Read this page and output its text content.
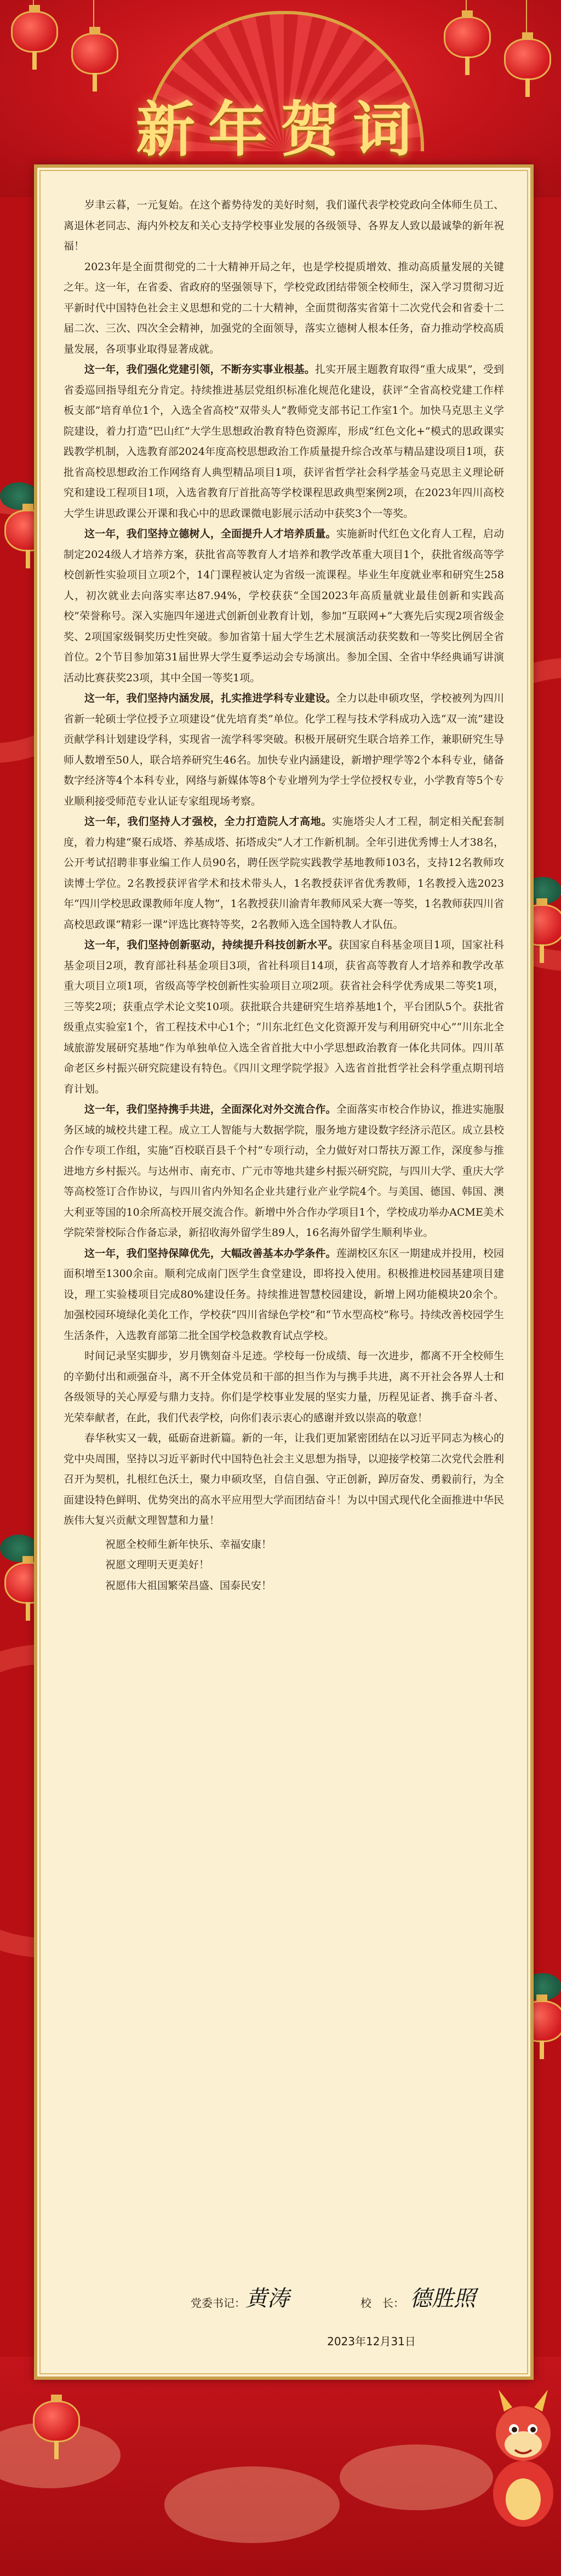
新年贺词

岁聿云暮，一元复始。在这个蓄势待发的美好时刻，我们谨代表学校党政向全体师生员工、离退休老同志、海内外校友和关心支持学校事业发展的各级领导、各界友人致以最诚挚的新年祝福！

2023年是全面贯彻党的二十大精神开局之年，也是学校提质增效、推动高质量发展的关键之年。这一年，在省委、省政府的坚强领导下，学校党政团结带领全校师生，深入学习贯彻习近平新时代中国特色社会主义思想和党的二十大精神，全面贯彻落实省第十二次党代会和省委十二届二次、三次、四次全会精神，加强党的全面领导，落实立德树人根本任务，奋力推动学校高质量发展，各项事业取得显著成就。

这一年，我们强化党建引领，不断夯实事业根基。扎实开展主题教育取得“重大成果”，受到省委巡回指导组充分肯定。持续推进基层党组织标准化规范化建设，获评“全省高校党建工作样板支部”培育单位1个，入选全省高校“双带头人”教师党支部书记工作室1个。加快马克思主义学院建设，着力打造“巴山红”大学生思想政治教育特色资源库，形成“红色文化+”模式的思政课实践教学机制，入选教育部2024年度高校思想政治工作质量提升综合改革与精品建设项目1项，获批省高校思想政治工作网络育人典型精品项目1项，获评省哲学社会科学基金马克思主义理论研究和建设工程项目1项，入选省教育厅首批高等学校课程思政典型案例2项，在2023年四川高校大学生讲思政课公开课和我心中的思政课微电影展示活动中获奖3个一等奖。

这一年，我们坚持立德树人，全面提升人才培养质量。实施新时代红色文化育人工程，启动制定2024级人才培养方案，获批省高等教育人才培养和教学改革重大项目1个，获批省级高等学校创新性实验项目立项2个，14门课程被认定为省级一流课程。毕业生年度就业率和研究生258人，初次就业去向落实率达87.94%，学校获获“全国2023年高质量就业最佳创新和实践高校”荣誉称号。深入实施四年递进式创新创业教育计划，参加“互联网+”大赛先后实现2项省级金奖、2项国家级铜奖历史性突破。参加省第十届大学生艺术展演活动获奖数和一等奖比例居全省首位。2个节目参加第31届世界大学生夏季运动会专场演出。参加全国、全省中华经典诵写讲演活动比赛获奖23项，其中全国一等奖1项。

这一年，我们坚持内涵发展，扎实推进学科专业建设。全力以赴申硕攻坚，学校被列为四川省新一轮硕士学位授予立项建设“优先培育类”单位。化学工程与技术学科成功入选“双一流”建设贡献学科计划建设学科，实现省一流学科零突破。积极开展研究生联合培养工作，兼职研究生导师人数增至50人，联合培养研究生46名。加快专业内涵建设，新增护理学等2个本科专业，储备数字经济等4个本科专业，网络与新媒体等8个专业增列为学士学位授权专业，小学教育等5个专业顺利接受师范专业认证专家组现场考察。

这一年，我们坚持人才强校，全力打造院人才高地。实施塔尖人才工程，制定相关配套制度，着力构建“聚石成塔、养基成塔、拓塔成尖”人才工作新机制。全年引进优秀博士人才38名，公开考试招聘非事业编工作人员90名，聘任医学院实践教学基地教师103名，支持12名教师攻读博士学位。2名教授获评省学术和技术带头人，1名教授获评省优秀教师，1名教授入选2023年“四川学校思政课教师年度人物”，1名教授获川渝青年教师风采大赛一等奖，1名教师获四川省高校思政课“精彩一课”评选比赛特等奖，2名教师入选全国特教人才队伍。

这一年，我们坚持创新驱动，持续提升科技创新水平。获国家自科基金项目1项，国家社科基金项目2项，教育部社科基金项目3项，省社科项目14项，获省高等教育人才培养和教学改革重大项目立项1项，省级高等学校创新性实验项目立项2项。获省社会科学优秀成果二等奖1项，三等奖2项；获重点学术论文奖10项。获批联合共建研究生培养基地1个，平台团队5个。获批省级重点实验室1个，省工程技术中心1个；“川东北红色文化资源开发与利用研究中心”“川东北全域旅游发展研究基地”作为单独单位入选全省首批大中小学思想政治教育一体化共同体。四川革命老区乡村振兴研究院建设有特色。《四川文理学院学报》入选省首批哲学社会科学重点期刊培育计划。

这一年，我们坚持携手共进，全面深化对外交流合作。全面落实市校合作协议，推进实施服务区域的城校共建工程。成立工人智能与大数据学院，服务地方建设数字经济示范区。成立县校合作专项工作组，实施“百校联百县千个村”专项行动，全力做好对口帮扶万源工作，深度参与推进地方乡村振兴。与达州市、南充市、广元市等地共建乡村振兴研究院，与四川大学、重庆大学等高校签订合作协议，与四川省内外知名企业共建行业产业学院4个。与美国、德国、韩国、澳大利亚等国的10余所高校开展交流合作。新增中外合作办学项目1个，学校成功举办ACME美术学院荣誉校际合作备忘录，新招收海外留学生89人，16名海外留学生顺利毕业。

这一年，我们坚持保障优先，大幅改善基本办学条件。莲湖校区东区一期建成并投用，校园面积增至1300余亩。顺利完成南门医学生食堂建设，即将投入使用。积极推进校园基建项目建设，理工实验楼项目完成80%建设任务。持续推进智慧校园建设，新增上网功能模块20余个。加强校园环境绿化美化工作，学校获“四川省绿色学校”和“节水型高校”称号。持续改善校园学生生活条件，入选教育部第二批全国学校急救教育试点学校。

时间记录坚实脚步，岁月镌刻奋斗足迹。学校每一份成绩、每一次进步，都离不开全校师生的辛勤付出和顽强奋斗，离不开全体党员和干部的担当作为与携手共进，离不开社会各界人士和各级领导的关心厚爱与鼎力支持。你们是学校事业发展的坚实力量，历程见证者、携手奋斗者、光荣奉献者，在此，我们代表学校，向你们表示衷心的感谢并致以崇高的敬意！

春华秋实又一载，砥砺奋进新篇。新的一年，让我们更加紧密团结在以习近平同志为核心的党中央周围，坚持以习近平新时代中国特色社会主义思想为指导，以迎接学校第二次党代会胜利召开为契机，扎根红色沃土，聚力申硕攻坚，自信自强、守正创新，踔厉奋发、勇毅前行，为全面建设特色鲜明、优势突出的高水平应用型大学而团结奋斗！为以中国式现代化全面推进中华民族伟大复兴贡献文理智慧和力量！

祝愿全校师生新年快乐、幸福安康！

祝愿文理明天更美好！

祝愿伟大祖国繁荣昌盛、国泰民安！

党委书记： 黄涛	校　长： 德胜照
2023年12月31日
